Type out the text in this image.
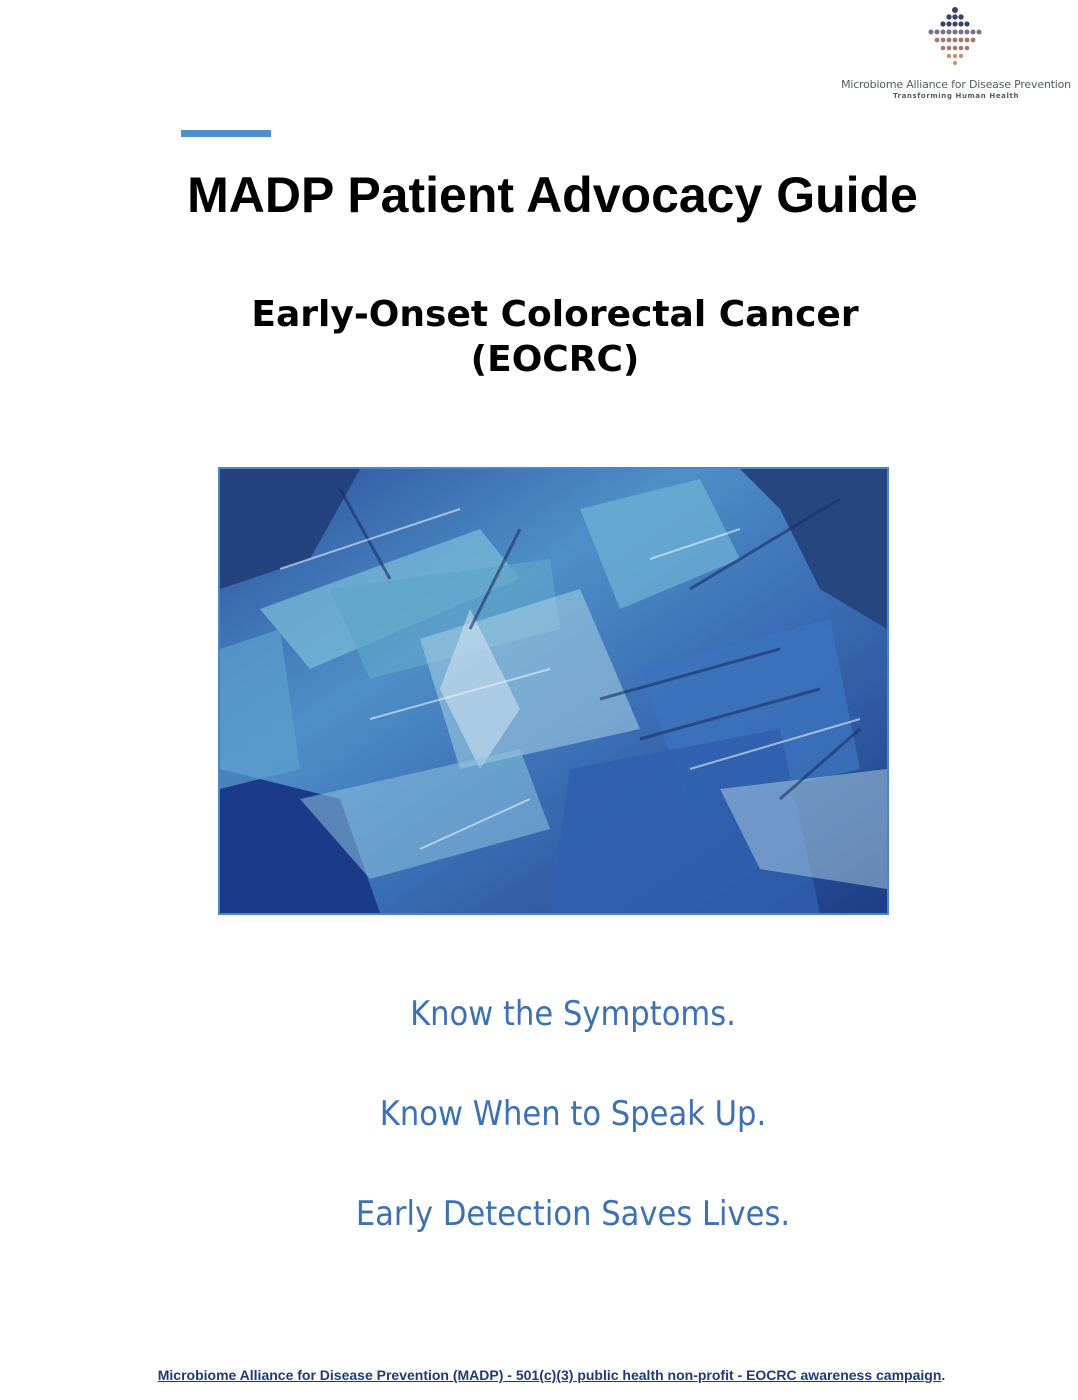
Microbiome Alliance for Disease Prevention
Transforming Human Health
MADP Patient Advocacy Guide
Early-Onset Colorectal Cancer
(EOCRC)
Know the Symptoms.
Know When to Speak Up.
Early Detection Saves Lives.
Microbiome Alliance for Disease Prevention (MADP) - 501(c)(3) public health non-profit - EOCRC awareness campaign.
